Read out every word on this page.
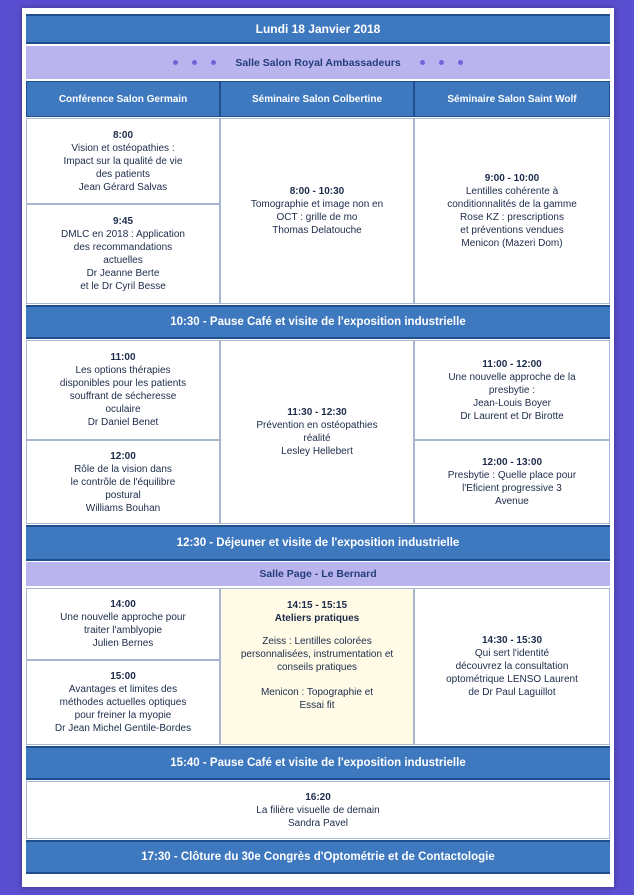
Lundi 18 Janvier 2018
Salle Salon Royal Ambassadeurs
Conférence Salon Germain	Séminaire Salon Colbertine	Séminaire Salon Saint Wolf
8:00
Vision et ostéopathies :
Impact sur la qualité de vie
des patients
Jean Gérard Salvas
9:45
DMLC en 2018 : Application
des recommandations
actuelles
Dr Jeanne Berte
et le Dr Cyril Besse
8:00 - 10:30
Tomographie et image non en
OCT : grille de mo
Thomas Delatouche
9:00 - 10:00
Lentilles cohérente à
conditionnalités de la gamme
Rose KZ : prescriptions
et préventions vendues
Menicon (Mazeri Dom)
10:30 - Pause Café et visite de l'exposition industrielle
11:00
Les options thérapies
disponibles pour les patients
souffrant de sécheresse
oculaire
Dr Daniel Benet
12:00
Rôle de la vision dans
le contrôle de l'équilibre
postural
Williams Bouhan
11:30 - 12:30
Prévention en ostéopathies
réalité
Lesley Hellebert
11:00 - 12:00
Une nouvelle approche de la
presbytie :
Jean-Louis Boyer
Dr Laurent et Dr Birotte
12:00 - 13:00
Presbytie : Quelle place pour
l'Eficient progressive 3
Avenue
12:30 - Déjeuner et visite de l'exposition industrielle
Salle Page - Le Bernard
14:00
Une nouvelle approche pour
traiter l'amblyopie
Julien Bernes
15:00
Avantages et limites des
méthodes actuelles optiques
pour freiner la myopie
Dr Jean Michel Gentile-Bordes
14:15 - 15:15
Ateliers pratiques
Zeiss : Lentilles colorées
personnalisées, instrumentation et
conseils pratiques
Menicon : Topographie et
Essai fit
14:30 - 15:30
Qui sert l'identité
découvrez la consultation
optométrique LENSO Laurent
de Dr Paul Laguillot
15:40 - Pause Café et visite de l'exposition industrielle
16:20
La filière visuelle de demain
Sandra Pavel
17:30 - Clôture du 30e Congrès d'Optométrie et de Contactologie
